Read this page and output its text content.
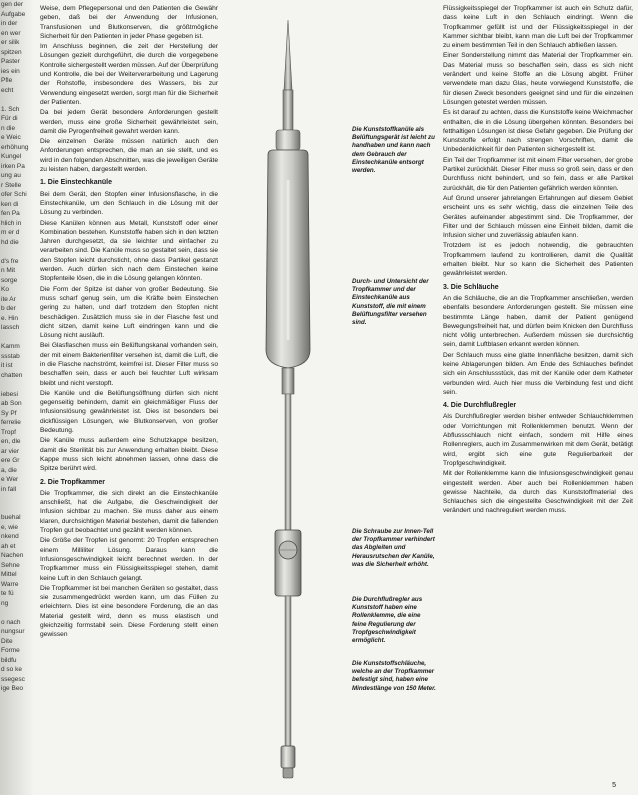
gen der
Aufgabe
in der
en wer
er silik
spitzen
Paster
ies ein
Pfle
echt

1. Sch
Für di
n die
e Weic
erhöhung
Kungel
irken Pa
ung au
r Stelle
ofer Schi
ken di
fen Pa
hlich in
m er d
hd die

d's fre
n Mit
sorge
Ko
ite Ar
b der
e. Hin
lassch

Kamm
ssstab
it ist
chatten

iebesi
ab Son
Sy Pf
ferrelie
Tropf
en, dle
ar vier
ere Gr
a, die
e Wer
in fall

buehal
e, wie
nkend
ah et
Nachen
Sehne
Mittel
Warre
te fü
ng

o nach
nungsur
Dite
Forme
bildfu
d so ke
ssegesc
ige Beo

Weise, dem Pflegepersonal und den Patienten die Gewähr geben, daß bei der Anwendung der Infusionen, Transfusionen und Blutkonserven, die größtmögliche Sicherheit für den Patienten in jeder Phase gegeben ist.

Im Anschluss beginnen, die zeit der Herstellung der Lösungen gezielt durchgeführt, die durch die vorgegebene Kontrolle sichergestellt werden müssen. Auf der Überprüfung und Kontrolle, die bei der Weiterverarbeitung und Lagerung der Rohstoffe, insbesondere des Wassers, bis zur Verwendung eingesetzt werden, sorgt man für die Sicherheit der Patienten.

Da bei jedem Gerät besondere Anforderungen gestellt werden, muss eine große Sicherheit gewährleistet sein, damit die Pyrogenfreiheit gewahrt werden kann.

Die einzelnen Geräte müssen natürlich auch den Anforderungen entsprechen, die man an sie stellt, und es wird in den folgenden Abschnitten, was die jeweiligen Geräte zu leisten haben, dargestellt werden.

1. Die Einstechkanüle

Bei dem Gerät, den Stopfen einer Infusionsflasche, in die Einstechkanüle, um den Schlauch in die Lösung mit der Lösung zu verbinden.

Diese Kanülen können aus Metall, Kunststoff oder einer Kombination bestehen. Kunststoffe haben sich in den letzten Jahren durchgesetzt, da sie leichter und einfacher zu verarbeiten sind. Die Kanüle muss so gestaltet sein, dass sie den Stopfen leicht durchsticht, ohne dass Partikel gestanzt werden. Auch dürfen sich nach dem Einstechen keine Stopfenteile lösen, die in die Lösung gelangen könnten.

Die Form der Spitze ist daher von großer Bedeutung. Sie muss scharf genug sein, um die Kräfte beim Einstechen gering zu halten, und darf trotzdem den Stopfen nicht beschädigen. Zusätzlich muss sie in der Flasche fest und dicht sitzen, damit keine Luft eindringen kann und die Lösung nicht ausläuft.

Bei Glasflaschen muss ein Belüftungskanal vorhanden sein, der mit einem Bakterienfilter versehen ist, damit die Luft, die in die Flasche nachströmt, keimfrei ist. Dieser Filter muss so beschaffen sein, dass er auch bei feuchter Luft wirksam bleibt und nicht verstopft.

Die Kanüle und die Belüftungsöffnung dürfen sich nicht gegenseitig behindern, damit ein gleichmäßiger Fluss der Infusionslösung gewährleistet ist. Dies ist besonders bei dickflüssigen Lösungen, wie Blutkonserven, von großer Bedeutung.

Die Kanüle muss außerdem eine Schutzkappe besitzen, damit die Sterilität bis zur Anwendung erhalten bleibt. Diese Kappe muss sich leicht abnehmen lassen, ohne dass die Spitze berührt wird.

2. Die Tropfkammer

Die Tropfkammer, die sich direkt an die Einstechkanüle anschließt, hat die Aufgabe, die Geschwindigkeit der Infusion sichtbar zu machen. Sie muss daher aus einem klaren, durchsichtigen Material bestehen, damit die fallenden Tropfen gut beobachtet und gezählt werden können.

Die Größe der Tropfen ist genormt: 20 Tropfen entsprechen einem Milliliter Lösung. Daraus kann die Infusionsgeschwindigkeit leicht berechnet werden. In der Tropfkammer muss ein Flüssigkeitsspiegel stehen, damit keine Luft in den Schlauch gelangt.

Die Tropfkammer ist bei manchen Geräten so gestaltet, dass sie zusammengedrückt werden kann, um das Füllen zu erleichtern. Dies ist eine besondere Forderung, die an das Material gestellt wird, denn es muss elastisch und gleichzeitig formstabil sein. Diese Forderung stellt einen gewissen

Die Kunststoffkanüle als Belüftungsgerät ist leicht zu handhaben und kann nach dem Gebrauch der Einstechkanüle entsorgt werden.
Durch- und Untersicht der Tropfkammer und der Einstechkanüle aus Kunststoff, die mit einem Belüftungsfilter versehen sind.
Die Schraube zur Innen-Tell der Tropfkammer verhindert das Abgleiten und Herausrutschen der Kanüle, was die Sicherheit erhöht.
Die Durchflußregler aus Kunststoff haben eine Rollenklemme, die eine feine Regulierung der Tropfgeschwindigkeit ermöglicht.
Die Kunststoffschläuche, welche an der Tropfkammer befestigt sind, haben eine Mindestlänge von 150 Meter.

Flüssigkeitsspiegel der Tropfkammer ist auch ein Schutz dafür, dass keine Luft in den Schlauch eindringt. Wenn die Tropfkammer gefüllt ist und der Flüssigkeitsspiegel in der Kammer sichtbar bleibt, kann man die Luft bei der Tropfkammer zu einem bestimmten Teil in den Schlauch abfließen lassen.

Einer Sonderstellung nimmt das Material der Tropfkammer ein. Das Material muss so beschaffen sein, dass es sich nicht verändert und keine Stoffe an die Lösung abgibt. Früher verwendete man dazu Glas, heute vorwiegend Kunststoffe, die für diesen Zweck besonders geeignet sind und für die einzelnen Lösungen getestet werden müssen.

Es ist darauf zu achten, dass die Kunststoffe keine Weichmacher enthalten, die in die Lösung übergehen könnten. Besonders bei fetthaltigen Lösungen ist diese Gefahr gegeben. Die Prüfung der Kunststoffe erfolgt nach strengen Vorschriften, damit die Unbedenklichkeit für den Patienten sichergestellt ist.

Ein Teil der Tropfkammer ist mit einem Filter versehen, der grobe Partikel zurückhält. Dieser Filter muss so groß sein, dass er den Durchfluss nicht behindert, und so fein, dass er alle Partikel zurückhält, die für den Patienten gefährlich werden könnten.

Auf Grund unserer jahrelangen Erfahrungen auf diesem Gebiet erscheint uns es sehr wichtig, dass die einzelnen Teile des Gerätes aufeinander abgestimmt sind. Die Tropfkammer, der Filter und der Schlauch müssen eine Einheit bilden, damit die Infusion sicher und zuverlässig ablaufen kann.

Trotzdem ist es jedoch notwendig, die gebrauchten Tropfkammern laufend zu kontrollieren, damit die Qualität erhalten bleibt. Nur so kann die Sicherheit des Patienten gewährleistet werden.

3. Die Schläuche

An die Schläuche, die an die Tropfkammer anschließen, werden ebenfalls besondere Anforderungen gestellt. Sie müssen eine bestimmte Länge haben, damit der Patient genügend Bewegungsfreiheit hat, und dürfen beim Knicken den Durchfluss nicht völlig unterbrechen. Außerdem müssen sie durchsichtig sein, damit Luftblasen erkannt werden können.

Der Schlauch muss eine glatte Innenfläche besitzen, damit sich keine Ablagerungen bilden. Am Ende des Schlauches befindet sich ein Anschlussstück, das mit der Kanüle oder dem Katheter verbunden wird. Auch hier muss die Verbindung fest und dicht sein.

4. Die Durchflußregler

Als Durchflußregler werden bisher entweder Schlauchklemmen oder Vorrichtungen mit Rollenklemmen benutzt. Wenn der Abflussschlauch nicht einfach, sondern mit Hilfe eines Rollenreglers, auch im Zusammenwirken mit dem Gerät, betätigt wird, ergibt sich eine gute Regulierbarkeit der Tropfgeschwindigkeit.

Mit der Rollenklemme kann die Infusionsgeschwindigkeit genau eingestellt werden. Aber auch bei Rollenklemmen haben gewisse Nachteile, da durch das Kunststoffmaterial des Schlauches sich die eingestellte Geschwindigkeit mit der Zeit verändert und nachreguliert werden muss.

5
